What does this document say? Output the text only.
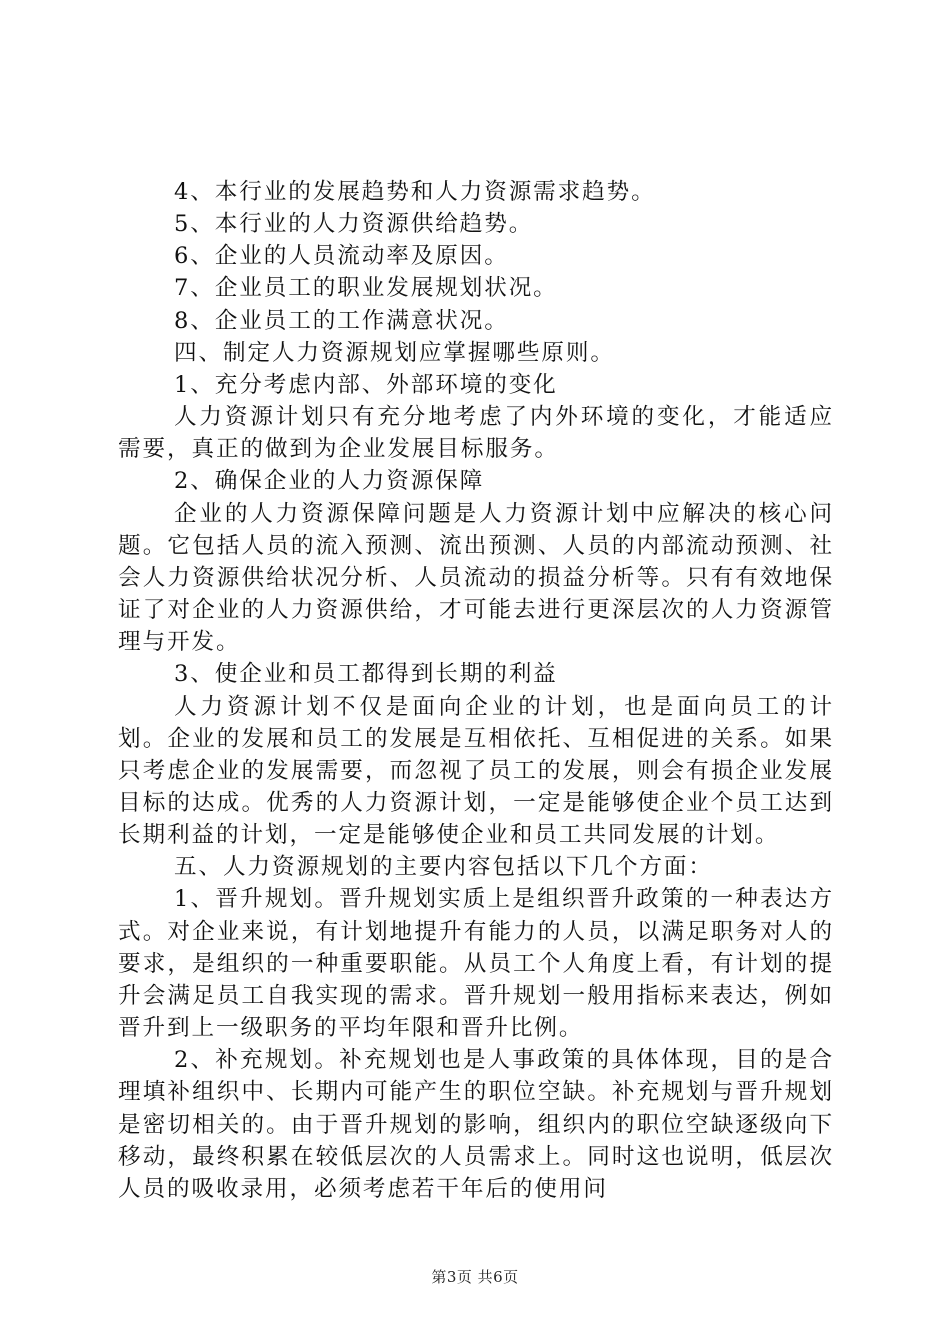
4、本行业的发展趋势和人力资源需求趋势。

5、本行业的人力资源供给趋势。

6、企业的人员流动率及原因。

7、企业员工的职业发展规划状况。

8、企业员工的工作满意状况。

四、制定人力资源规划应掌握哪些原则。

1、充分考虑内部、外部环境的变化

人力资源计划只有充分地考虑了内外环境的变化，才能适应需要，真正的做到为企业发展目标服务。

2、确保企业的人力资源保障

企业的人力资源保障问题是人力资源计划中应解决的核心问题。它包括人员的流入预测、流出预测、人员的内部流动预测、社会人力资源供给状况分析、人员流动的损益分析等。只有有效地保证了对企业的人力资源供给，才可能去进行更深层次的人力资源管理与开发。

3、使企业和员工都得到长期的利益

人力资源计划不仅是面向企业的计划，也是面向员工的计划。企业的发展和员工的发展是互相依托、互相促进的关系。如果只考虑企业的发展需要，而忽视了员工的发展，则会有损企业发展目标的达成。优秀的人力资源计划，一定是能够使企业个员工达到长期利益的计划，一定是能够使企业和员工共同发展的计划。

五、人力资源规划的主要内容包括以下几个方面：

1、晋升规划。晋升规划实质上是组织晋升政策的一种表达方式。对企业来说，有计划地提升有能力的人员，以满足职务对人的要求，是组织的一种重要职能。从员工个人角度上看，有计划的提升会满足员工自我实现的需求。晋升规划一般用指标来表达，例如晋升到上一级职务的平均年限和晋升比例。

2、补充规划。补充规划也是人事政策的具体体现，目的是合理填补组织中、长期内可能产生的职位空缺。补充规划与晋升规划是密切相关的。由于晋升规划的影响，组织内的职位空缺逐级向下移动，最终积累在较低层次的人员需求上。同时这也说明，低层次人员的吸收录用，必须考虑若干年后的使用问

第3页 共6页
